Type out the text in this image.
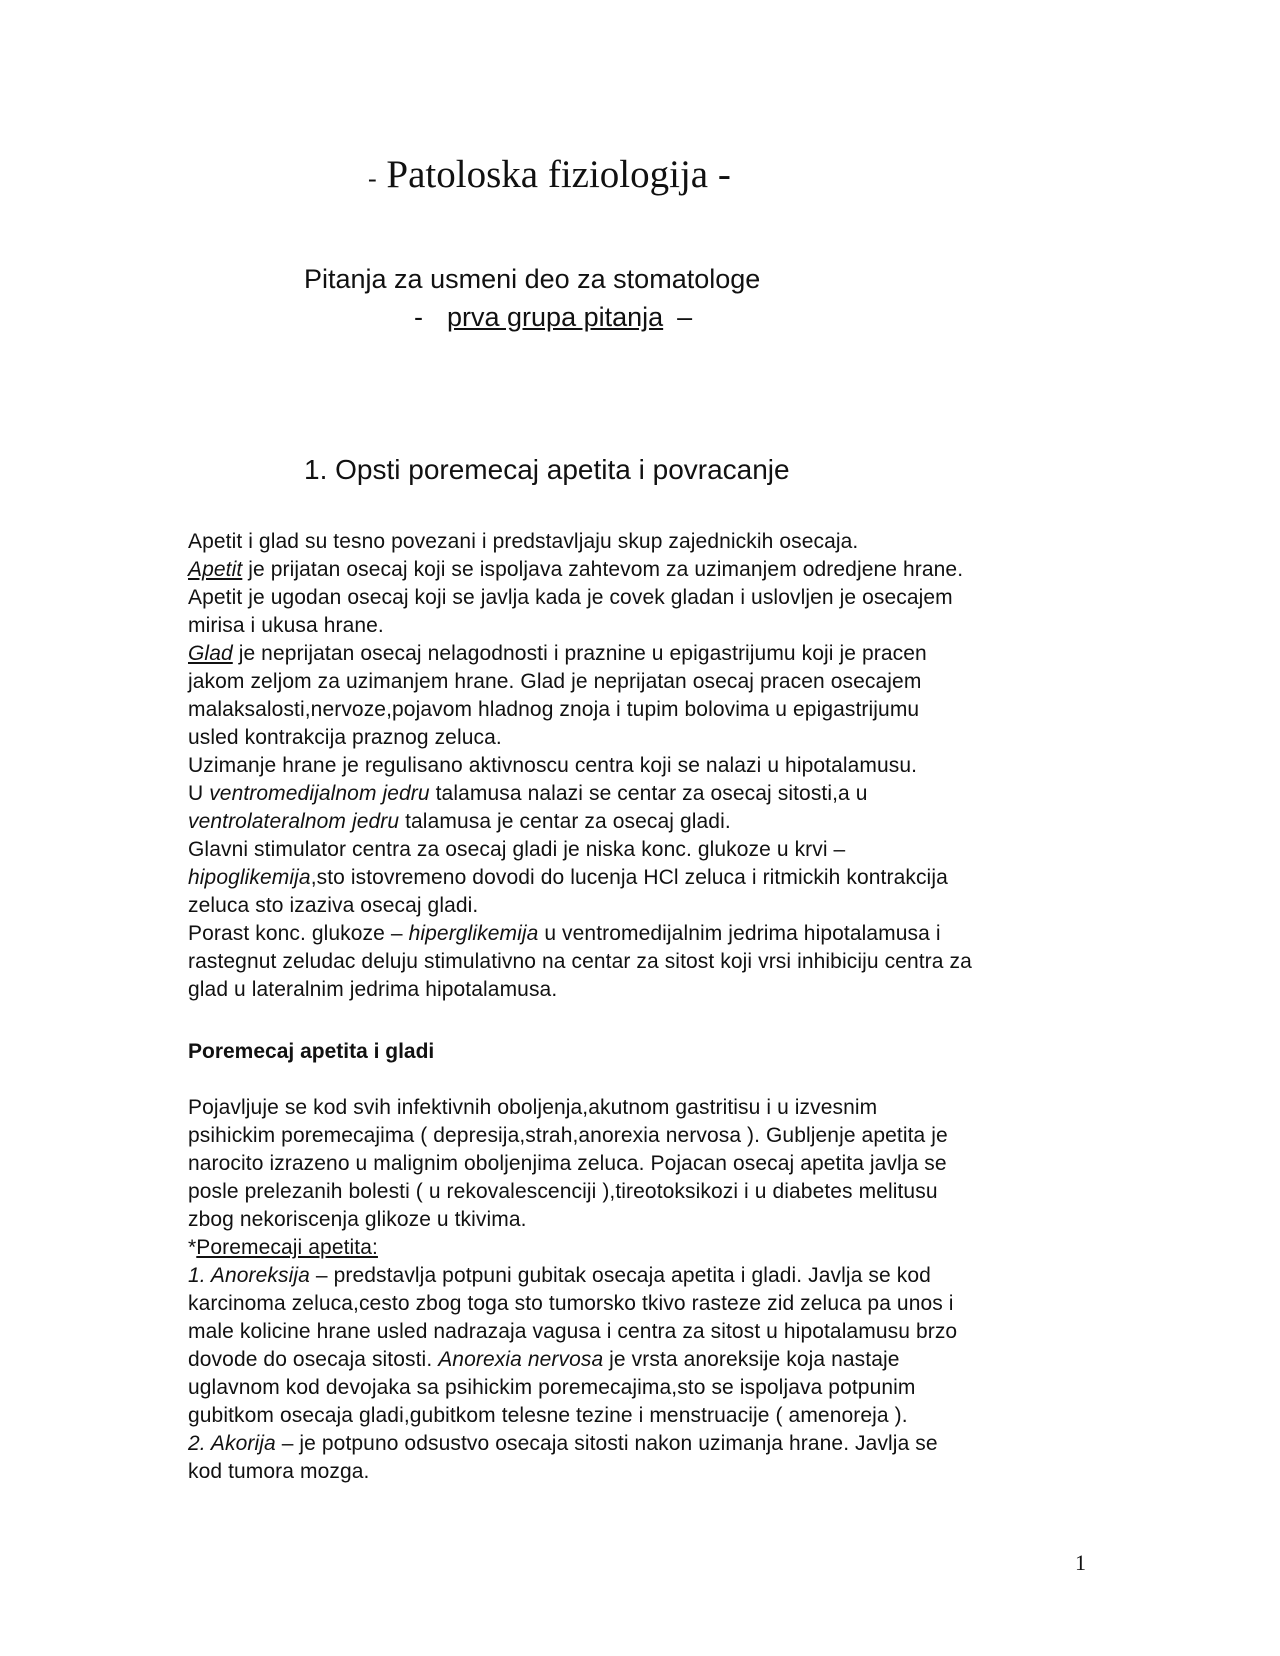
- Patoloska fiziologija -
Pitanja za usmeni deo za stomatologe
- prva grupa pitanja –
1. Opsti poremecaj apetita i povracanje
Apetit i glad su tesno povezani i predstavljaju skup zajednickih osecaja.
Apetit je prijatan osecaj koji se ispoljava zahtevom za uzimanjem odredjene hrane.
Apetit je ugodan osecaj koji se javlja kada je covek gladan i uslovljen je osecajem
mirisa i ukusa hrane.
Glad je neprijatan osecaj nelagodnosti i praznine u epigastrijumu koji je pracen
jakom zeljom za uzimanjem hrane. Glad je neprijatan osecaj pracen osecajem
malaksalosti,nervoze,pojavom hladnog znoja i tupim bolovima u epigastrijumu
usled kontrakcija praznog zeluca.
Uzimanje hrane je regulisano aktivnoscu centra koji se nalazi u hipotalamusu.
U ventromedijalnom jedru talamusa nalazi se centar za osecaj sitosti,a u
ventrolateralnom jedru talamusa je centar za osecaj gladi.
Glavni stimulator centra za osecaj gladi je niska konc. glukoze u krvi –
hipoglikemija,sto istovremeno dovodi do lucenja HCl zeluca i ritmickih kontrakcija
zeluca sto izaziva osecaj gladi.
Porast konc. glukoze – hiperglikemija u ventromedijalnim jedrima hipotalamusa i
rastegnut zeludac deluju stimulativno na centar za sitost koji vrsi inhibiciju centra za
glad u lateralnim jedrima hipotalamusa.
Poremecaj apetita i gladi
Pojavljuje se kod svih infektivnih oboljenja,akutnom gastritisu i u izvesnim
psihickim poremecajima ( depresija,strah,anorexia nervosa ). Gubljenje apetita je
narocito izrazeno u malignim oboljenjima zeluca. Pojacan osecaj apetita javlja se
posle prelezanih bolesti ( u rekovalescenciji ),tireotoksikozi i u diabetes melitusu
zbog nekoriscenja glikoze u tkivima.
*Poremecaji apetita:
1. Anoreksija – predstavlja potpuni gubitak osecaja apetita i gladi. Javlja se kod
karcinoma zeluca,cesto zbog toga sto tumorsko tkivo rasteze zid zeluca pa unos i
male kolicine hrane usled nadrazaja vagusa i centra za sitost u hipotalamusu brzo
dovode do osecaja sitosti. Anorexia nervosa je vrsta anoreksije koja nastaje
uglavnom kod devojaka sa psihickim poremecajima,sto se ispoljava potpunim
gubitkom osecaja gladi,gubitkom telesne tezine i menstruacije ( amenoreja ).
2. Akorija – je potpuno odsustvo osecaja sitosti nakon uzimanja hrane. Javlja se
kod tumora mozga.
1
